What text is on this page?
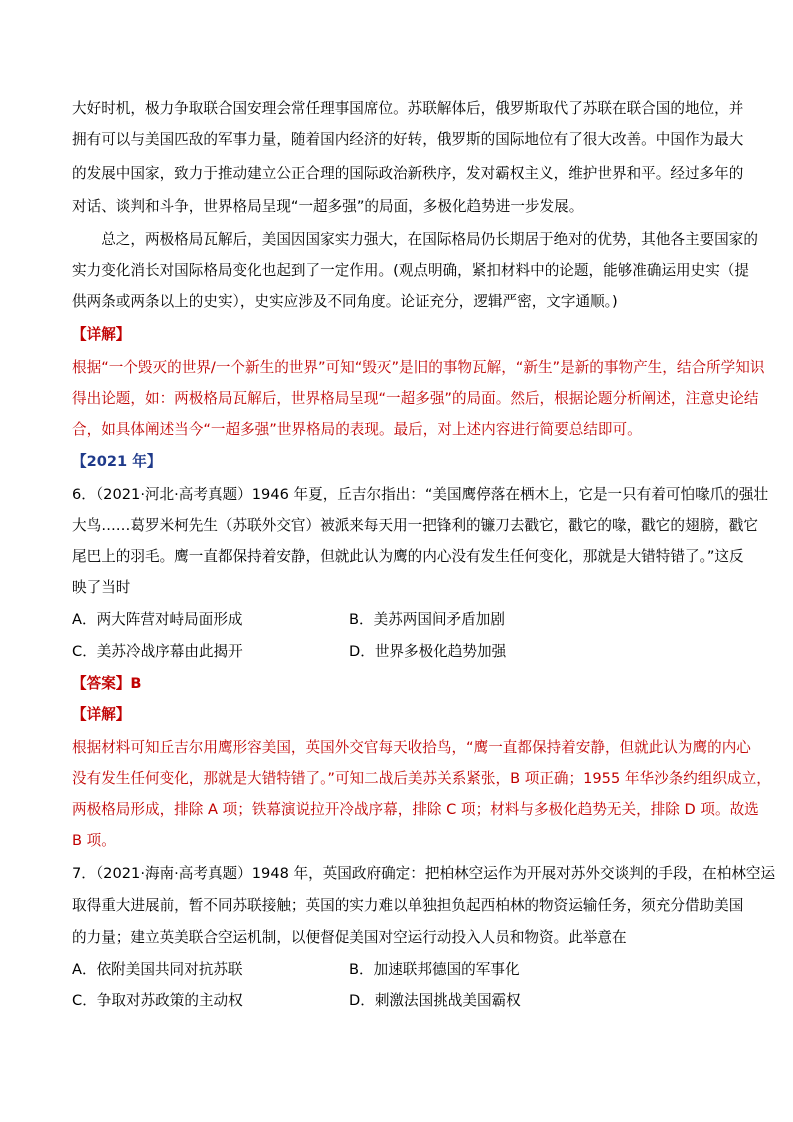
大好时机，极力争取联合国安理会常任理事国席位。苏联解体后，俄罗斯取代了苏联在联合国的地位，并
拥有可以与美国匹敌的军事力量，随着国内经济的好转，俄罗斯的国际地位有了很大改善。中国作为最大
的发展中国家，致力于推动建立公正合理的国际政治新秩序，发对霸权主义，维护世界和平。经过多年的
对话、谈判和斗争，世界格局呈现“一超多强”的局面，多极化趋势进一步发展。
　　总之，两极格局瓦解后，美国因国家实力强大，在国际格局仍长期居于绝对的优势，其他各主要国家的
实力变化消长对国际格局变化也起到了一定作用。(观点明确，紧扣材料中的论题，能够准确运用史实（提
供两条或两条以上的史实），史实应涉及不同角度。论证充分，逻辑严密，文字通顺。)
【详解】
根据“一个毁灭的世界/一个新生的世界”可知“毁灭”是旧的事物瓦解，“新生”是新的事物产生，结合所学知识
得出论题，如：两极格局瓦解后，世界格局呈现“一超多强”的局面。然后，根据论题分析阐述，注意史论结
合，如具体阐述当今“一超多强”世界格局的表现。最后，对上述内容进行简要总结即可。
【2021 年】
6．（2021·河北·高考真题）1946 年夏，丘吉尔指出：“美国鹰停落在栖木上，它是一只有着可怕喙爪的强壮
大鸟……葛罗米柯先生（苏联外交官）被派来每天用一把锋利的镰刀去戳它，戳它的喙，戳它的翅膀，戳它
尾巴上的羽毛。鹰一直都保持着安静，但就此认为鹰的内心没有发生任何变化，那就是大错特错了。”这反
映了当时
A．两大阵营对峙局面形成	B．美苏两国间矛盾加剧
C．美苏冷战序幕由此揭开	D．世界多极化趋势加强
【答案】B
【详解】
根据材料可知丘吉尔用鹰形容美国，英国外交官每天收拾鸟，“鹰一直都保持着安静，但就此认为鹰的内心
没有发生任何变化，那就是大错特错了。”可知二战后美苏关系紧张，B 项正确；1955 年华沙条约组织成立，
两极格局形成，排除 A 项；铁幕演说拉开冷战序幕，排除 C 项；材料与多极化趋势无关，排除 D 项。故选
B 项。
7．（2021·海南·高考真题）1948 年，英国政府确定：把柏林空运作为开展对苏外交谈判的手段，在柏林空运
取得重大进展前，暂不同苏联接触；英国的实力难以单独担负起西柏林的物资运输任务，须充分借助美国
的力量；建立英美联合空运机制，以便督促美国对空运行动投入人员和物资。此举意在
A．依附美国共同对抗苏联	B．加速联邦德国的军事化
C．争取对苏政策的主动权	D．刺激法国挑战美国霸权
